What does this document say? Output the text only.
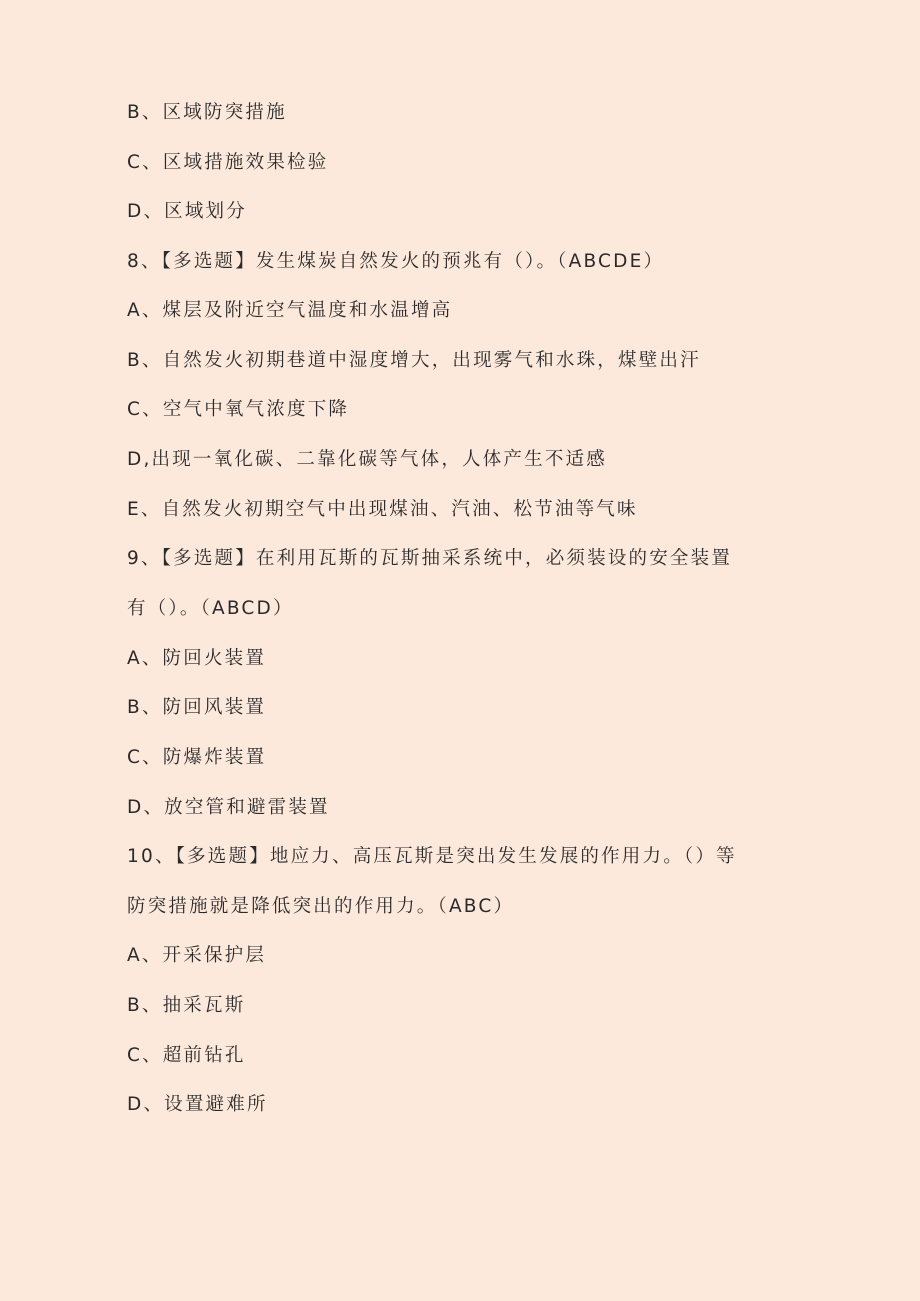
B、区域防突措施
C、区域措施效果检验
D、区域划分
8、【多选题】发生煤炭自然发火的预兆有（）。（ABCDE）
A、煤层及附近空气温度和水温增高
B、自然发火初期巷道中湿度增大，出现雾气和水珠，煤壁出汗
C、空气中氧气浓度下降
D,出现一氧化碳、二靠化碳等气体，人体产生不适感
E、自然发火初期空气中出现煤油、汽油、松节油等气味
9、【多选题】在利用瓦斯的瓦斯抽采系统中，必须装设的安全装置
有（）。（ABCD）
A、防回火装置
B、防回风装置
C、防爆炸装置
D、放空管和避雷装置
10、【多选题】地应力、高压瓦斯是突出发生发展的作用力。（）等
防突措施就是降低突出的作用力。（ABC）
A、开采保护层
B、抽采瓦斯
C、超前钻孔
D、设置避难所
